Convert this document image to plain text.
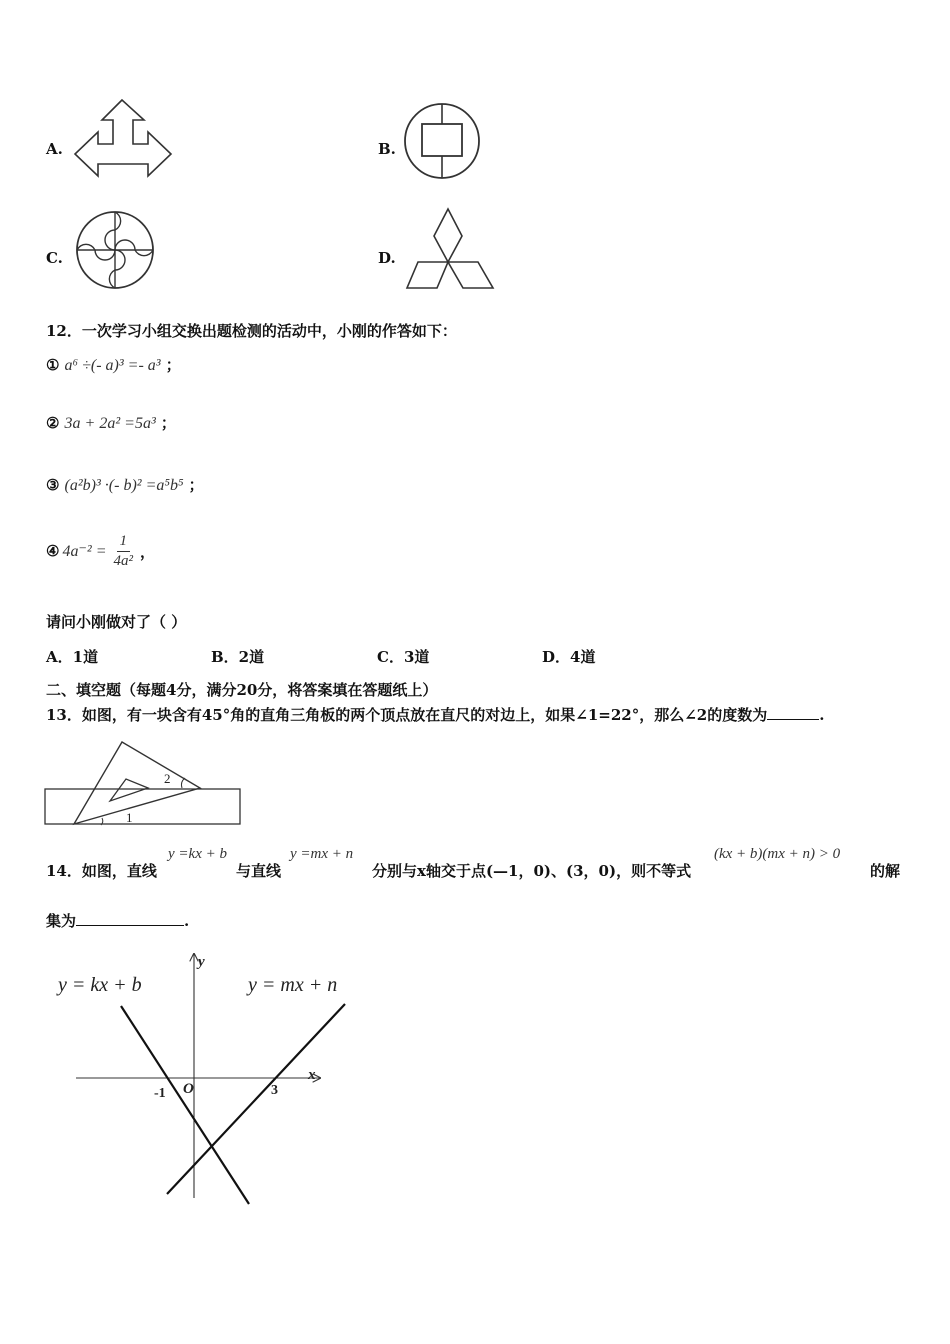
A.	B.
C.	D.
12．一次学习小组交换出题检测的活动中，小刚的作答如下：
① a⁶ ÷(- a)³ =- a³ ；
② 3a + 2a² =5a³ ；
③ (a²b)³ ·(- b)² =a⁵b⁵ ；
④ $4a^{-2} = \frac{1}{\text{4a²}}$ ，
请问小刚做对了（ ）
A．1道	B．2道	C．3道	D．4道
二、填空题（每题4分，满分20分，将答案填在答题纸上）
13．如图，有一块含有45°角的直角三角板的两个顶点放在直尺的对边上，如果∠1=22°，那么∠2的度数为	.
1
2
14．如图，直线
y =kx + b
与直线
y =mx + n
分别与x轴交于点(—1，0)、(3，0)，则不等式
(kx + b)(mx + n) > 0
的解
集为	.
y = kx + b	y = mx + n
x
y
O
-1	3
